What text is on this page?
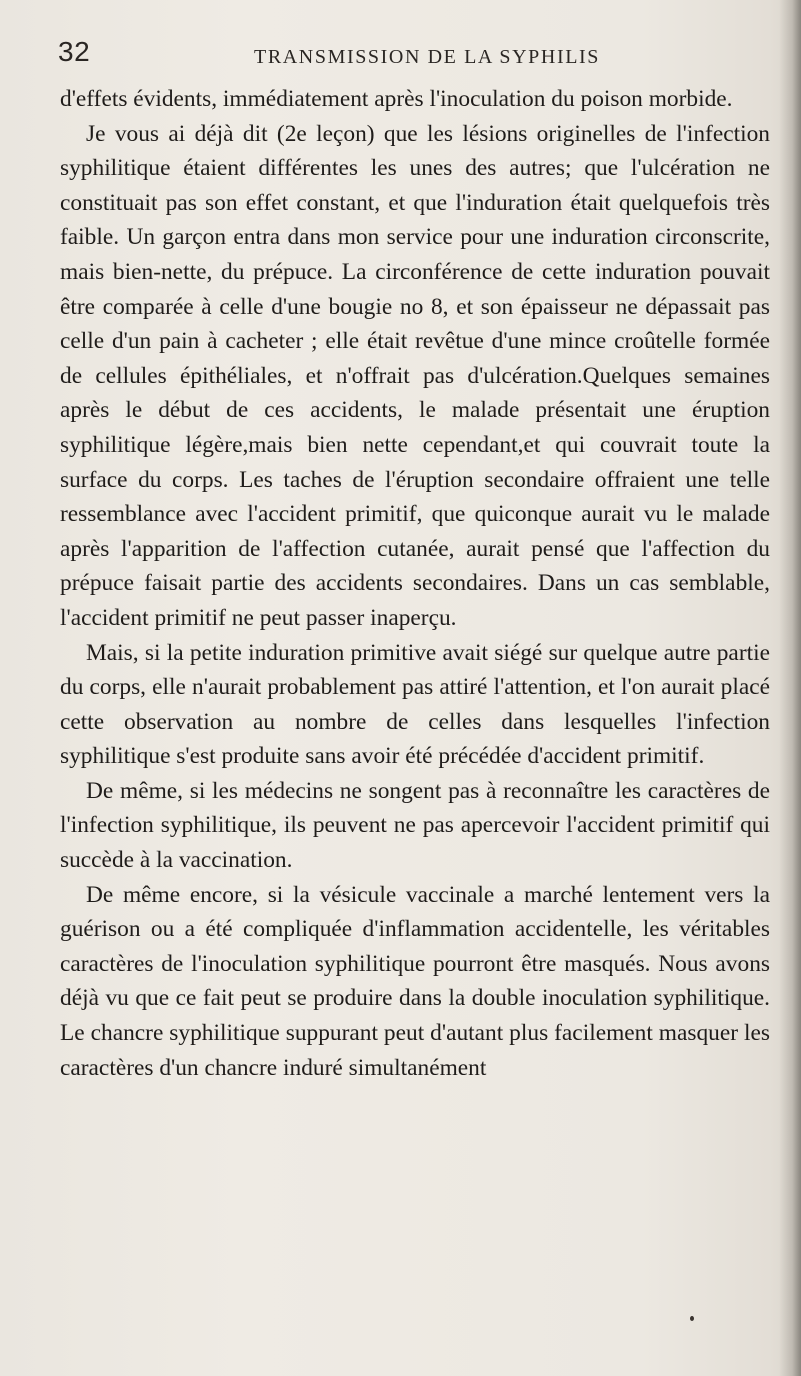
32	TRANSMISSION DE LA SYPHILIS

d'effets évidents, immédiatement après l'inoculation du poison morbide.

Je vous ai déjà dit (2e leçon) que les lésions originelles de l'infection syphilitique étaient différentes les unes des autres; que l'ulcération ne constituait pas son effet constant, et que l'induration était quelquefois très faible. Un garçon entra dans mon service pour une induration circonscrite, mais bien-nette, du prépuce. La circonférence de cette induration pouvait être comparée à celle d'une bougie no 8, et son épaisseur ne dépassait pas celle d'un pain à cacheter ; elle était revêtue d'une mince croûtelle formée de cellules épithéliales, et n'offrait pas d'ulcération.Quelques semaines après le début de ces accidents, le malade présentait une éruption syphilitique légère,mais bien nette cependant,et qui couvrait toute la surface du corps. Les taches de l'éruption secondaire offraient une telle ressemblance avec l'accident primitif, que quiconque aurait vu le malade après l'apparition de l'affection cutanée, aurait pensé que l'affection du prépuce faisait partie des accidents secondaires. Dans un cas semblable, l'accident primitif ne peut passer inaperçu.

Mais, si la petite induration primitive avait siégé sur quelque autre partie du corps, elle n'aurait probablement pas attiré l'attention, et l'on aurait placé cette observation au nombre de celles dans lesquelles l'infection syphilitique s'est produite sans avoir été précédée d'accident primitif.

De même, si les médecins ne songent pas à reconnaître les caractères de l'infection syphilitique, ils peuvent ne pas apercevoir l'accident primitif qui succède à la vaccination.

De même encore, si la vésicule vaccinale a marché lentement vers la guérison ou a été compliquée d'inflammation accidentelle, les véritables caractères de l'inoculation syphilitique pourront être masqués. Nous avons déjà vu que ce fait peut se produire dans la double inoculation syphilitique. Le chancre syphilitique suppurant peut d'autant plus facilement masquer les caractères d'un chancre induré simultanément
